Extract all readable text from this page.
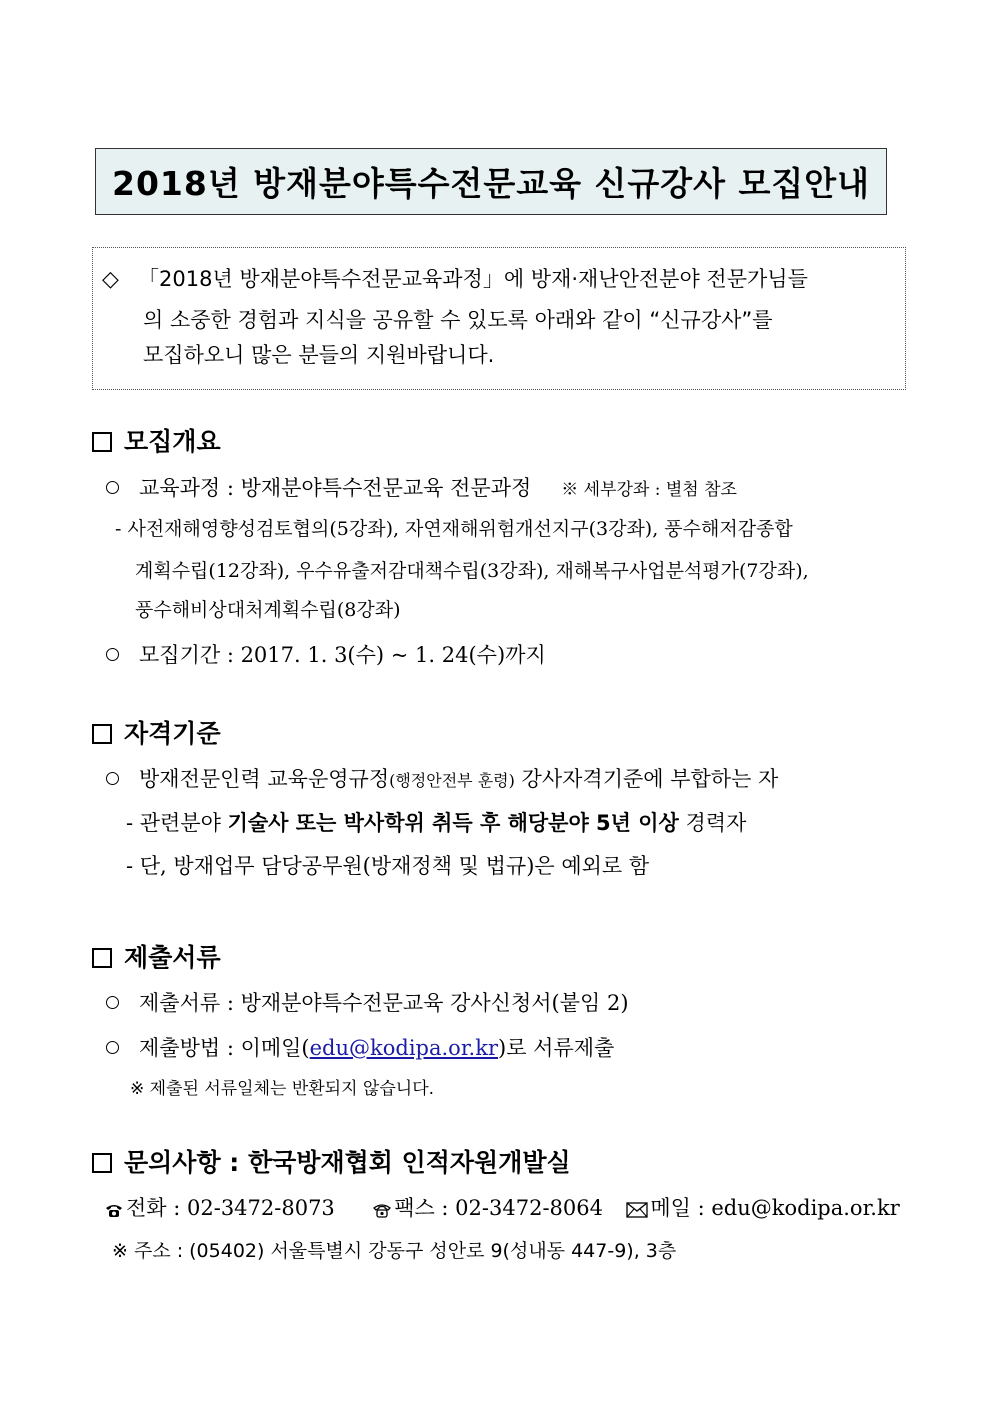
2018년 방재분야특수전문교육 신규강사 모집안내
◇ 「2018년 방재분야특수전문교육과정」에 방재·재난안전분야 전문가님들
의 소중한 경험과 지식을 공유할 수 있도록 아래와 같이 “신규강사”를
모집하오니 많은 분들의 지원바랍니다.
모집개요
교육과정 : 방재분야특수전문교육 전문과정 ※ 세부강좌 : 별첨 참조
- 사전재해영향성검토협의(5강좌), 자연재해위험개선지구(3강좌), 풍수해저감종합
계획수립(12강좌), 우수유출저감대책수립(3강좌), 재해복구사업분석평가(7강좌),
풍수해비상대처계획수립(8강좌)
모집기간 : 2017. 1. 3(수) ~ 1. 24(수)까지
자격기준
방재전문인력 교육운영규정(행정안전부 훈령) 강사자격기준에 부합하는 자
- 관련분야 기술사 또는 박사학위 취득 후 해당분야 5년 이상 경력자
- 단, 방재업무 담당공무원(방재정책 및 법규)은 예외로 함
제출서류
제출서류 : 방재분야특수전문교육 강사신청서(붙임 2)
제출방법 : 이메일(edu@kodipa.or.kr)로 서류제출
※ 제출된 서류일체는 반환되지 않습니다.
문의사항 : 한국방재협회 인적자원개발실
전화 : 02-3472-8073	팩스 : 02-3472-8064 메일 : edu@kodipa.or.kr
※ 주소 : (05402) 서울특별시 강동구 성안로 9(성내동 447-9), 3층
